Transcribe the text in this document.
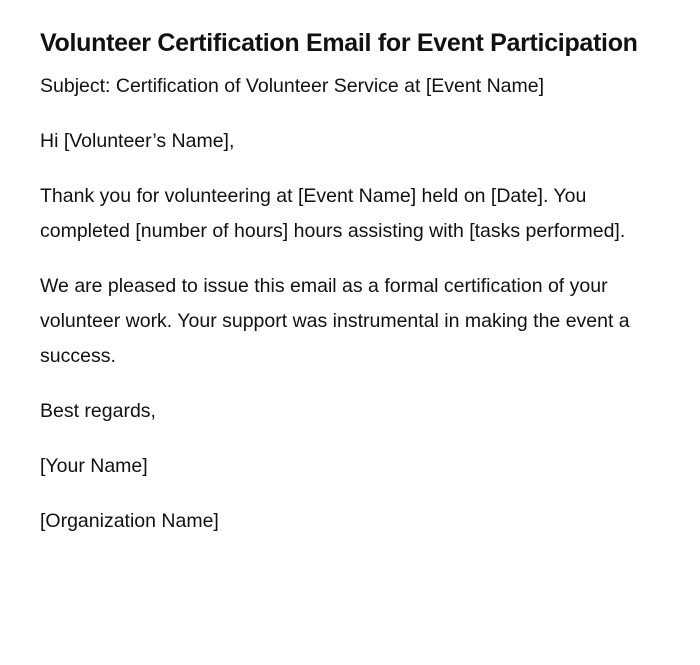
Volunteer Certification Email for Event Participation

Subject: Certification of Volunteer Service at [Event Name]

Hi [Volunteer’s Name],

Thank you for volunteering at [Event Name] held on [Date]. You completed [number of hours] hours assisting with [tasks performed].

We are pleased to issue this email as a formal certification of your volunteer work. Your support was instrumental in making the event a success.

Best regards,

[Your Name]

[Organization Name]
